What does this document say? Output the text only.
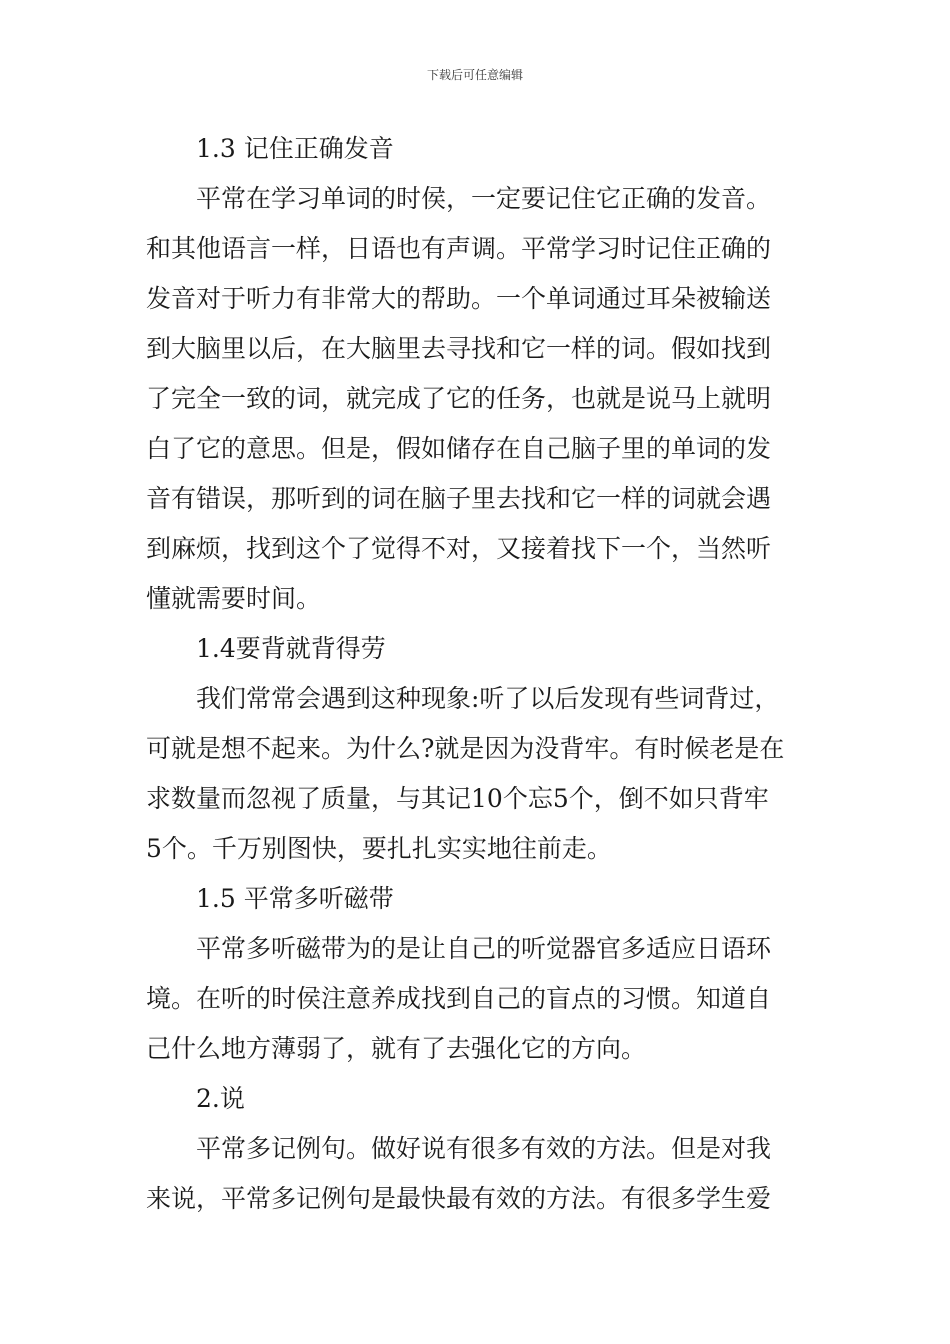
下载后可任意编辑
1.3 记住正确发音
平常在学习单词的时侯，一定要记住它正确的发音。
和其他语言一样，日语也有声调。平常学习时记住正确的
发音对于听力有非常大的帮助。一个单词通过耳朵被输送
到大脑里以后，在大脑里去寻找和它一样的词。假如找到
了完全一致的词，就完成了它的任务，也就是说马上就明
白了它的意思。但是，假如储存在自己脑子里的单词的发
音有错误，那听到的词在脑子里去找和它一样的词就会遇
到麻烦，找到这个了觉得不对，又接着找下一个，当然听
懂就需要时间。
1.4要背就背得劳
我们常常会遇到这种现象:听了以后发现有些词背过，
可就是想不起来。为什么?就是因为没背牢。有时候老是在
求数量而忽视了质量，与其记10个忘5个，倒不如只背牢
5个。千万别图快，要扎扎实实地往前走。
1.5 平常多听磁带
平常多听磁带为的是让自己的听觉器官多适应日语环
境。在听的时侯注意养成找到自己的盲点的习惯。知道自
己什么地方薄弱了，就有了去强化它的方向。
2.说
平常多记例句。做好说有很多有效的方法。但是对我
来说，平常多记例句是最快最有效的方法。有很多学生爱
